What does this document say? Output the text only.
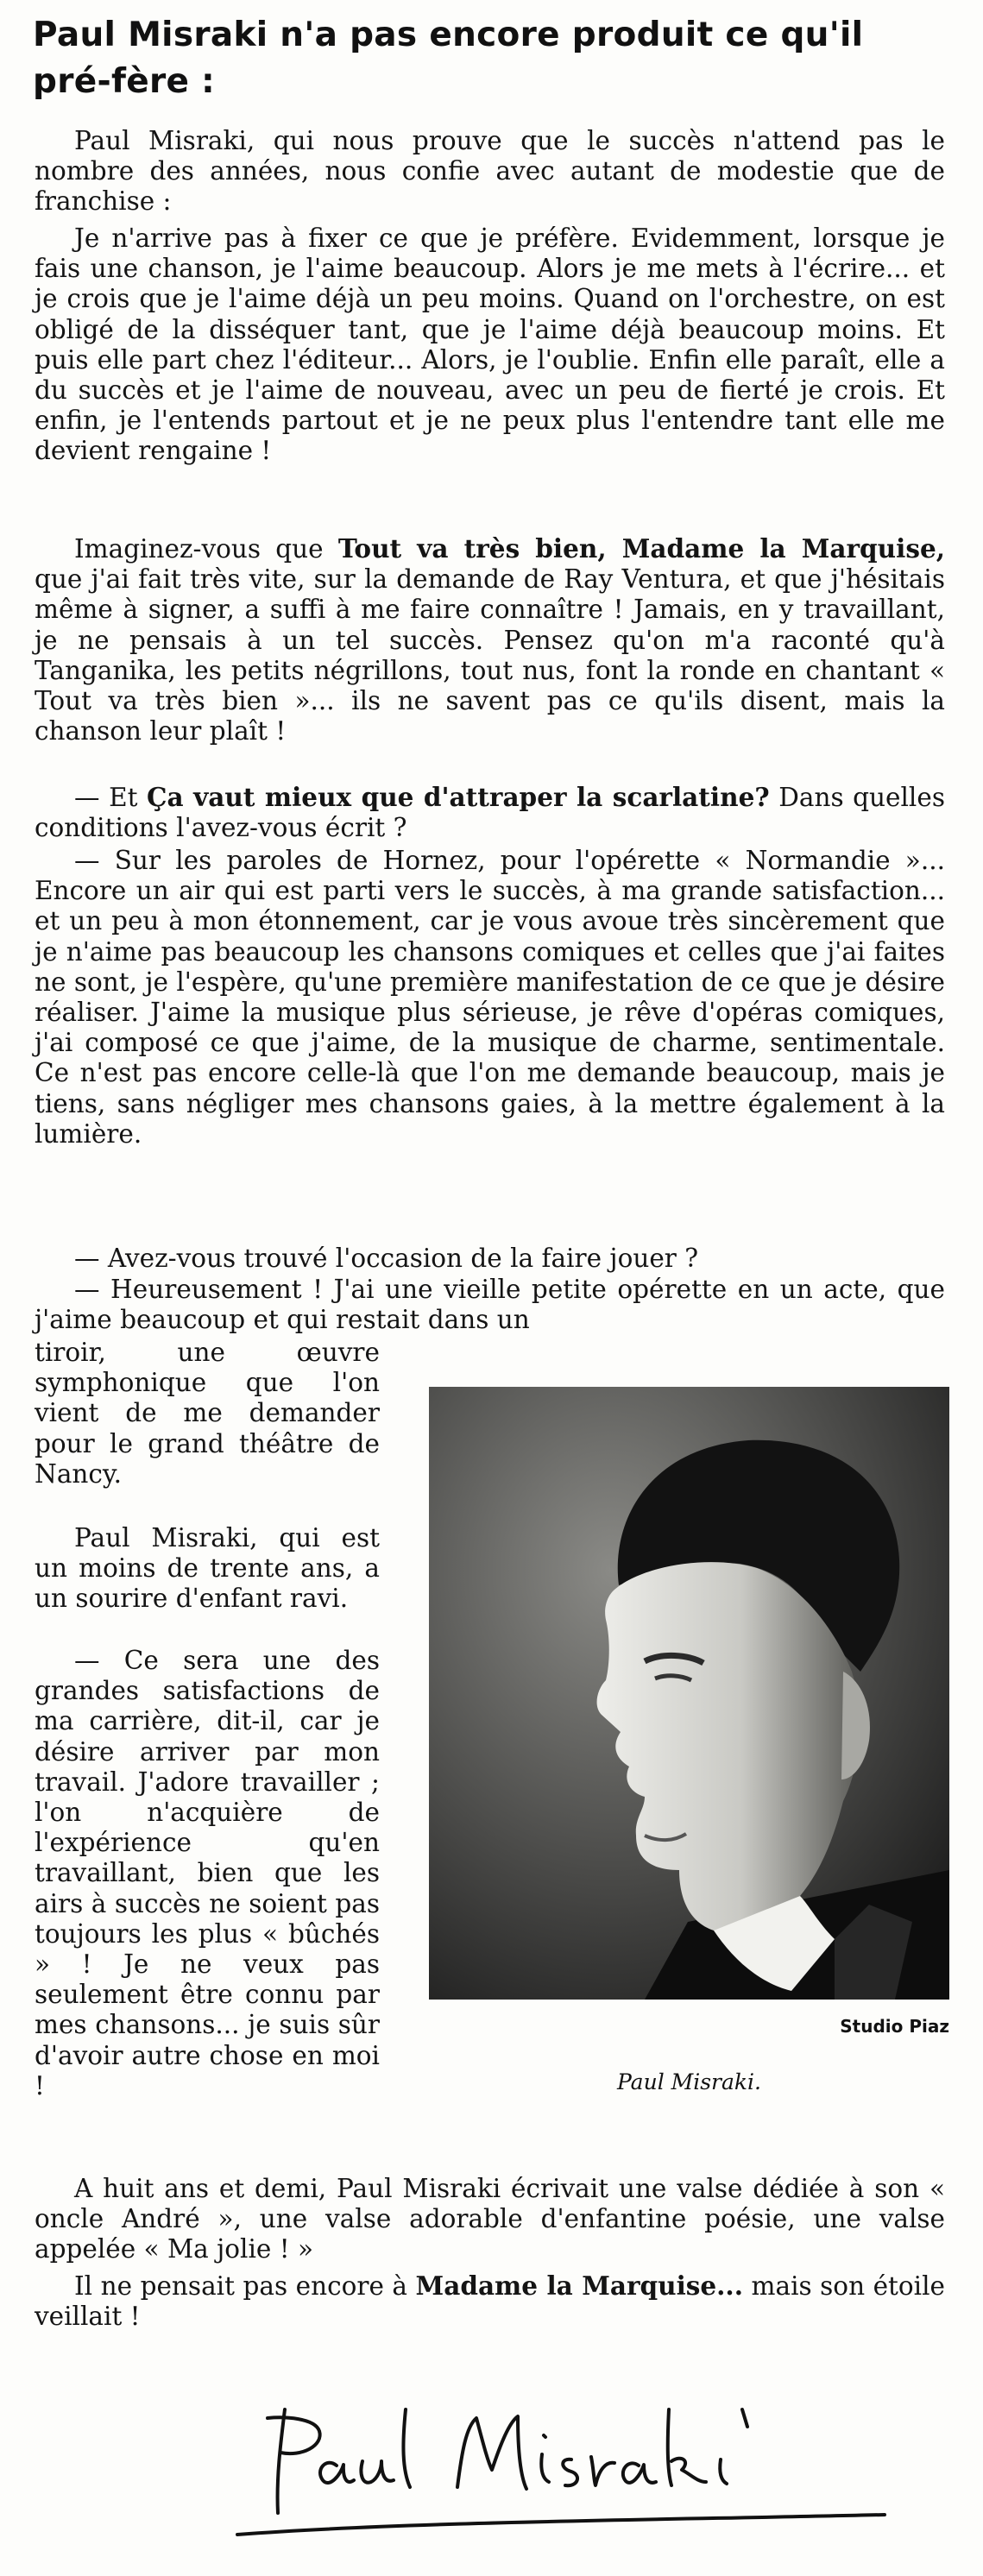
Paul Misraki n'a pas encore produit ce qu'il pré-fère :

Paul Misraki, qui nous prouve que le succès n'attend pas le nombre des années, nous confie avec autant de modestie que de franchise :

Je n'arrive pas à fixer ce que je préfère. Evidemment, lorsque je fais une chanson, je l'aime beaucoup. Alors je me mets à l'écrire... et je crois que je l'aime déjà un peu moins. Quand on l'orchestre, on est obligé de la disséquer tant, que je l'aime déjà beaucoup moins. Et puis elle part chez l'éditeur... Alors, je l'oublie. Enfin elle paraît, elle a du succès et je l'aime de nouveau, avec un peu de fierté je crois. Et enfin, je l'entends partout et je ne peux plus l'entendre tant elle me devient rengaine !

Imaginez-vous que Tout va très bien, Madame la Marquise, que j'ai fait très vite, sur la demande de Ray Ventura, et que j'hésitais même à signer, a suffi à me faire connaître ! Jamais, en y travaillant, je ne pensais à un tel succès. Pensez qu'on m'a raconté qu'à Tanganika, les petits négrillons, tout nus, font la ronde en chantant « Tout va très bien »... ils ne savent pas ce qu'ils disent, mais la chanson leur plaît !

— Et Ça vaut mieux que d'attraper la scarlatine? Dans quelles conditions l'avez-vous écrit ?

— Sur les paroles de Hornez, pour l'opérette « Normandie »... Encore un air qui est parti vers le succès, à ma grande satisfaction... et un peu à mon étonnement, car je vous avoue très sincèrement que je n'aime pas beaucoup les chansons comiques et celles que j'ai faites ne sont, je l'espère, qu'une première manifestation de ce que je désire réaliser. J'aime la musique plus sérieuse, je rêve d'opéras comiques, j'ai composé ce que j'aime, de la musique de charme, sentimentale. Ce n'est pas encore celle-là que l'on me demande beaucoup, mais je tiens, sans négliger mes chansons gaies, à la mettre également à la lumière.

— Avez-vous trouvé l'occasion de la faire jouer ?

— Heureusement ! J'ai une vieille petite opérette en un acte, que j'aime beaucoup et qui restait dans un

tiroir, une œuvre symphonique que l'on vient de me demander pour le grand théâtre de Nancy.

Paul Misraki, qui est un moins de trente ans, a un sourire d'enfant ravi.

— Ce sera une des grandes satisfactions de ma carrière, dit-il, car je désire arriver par mon travail. J'adore travailler ; l'on n'acquière de l'expérience qu'en travaillant, bien que les airs à succès ne soient pas toujours les plus « bûchés » ! Je ne veux pas seulement être connu par mes chansons... je suis sûr d'avoir autre chose en moi !

Studio Piaz
Paul Misraki.

A huit ans et demi, Paul Misraki écrivait une valse dédiée à son « oncle André », une valse adorable d'enfantine poésie, une valse appelée « Ma jolie ! »

Il ne pensait pas encore à Madame la Marquise... mais son étoile veillait !
